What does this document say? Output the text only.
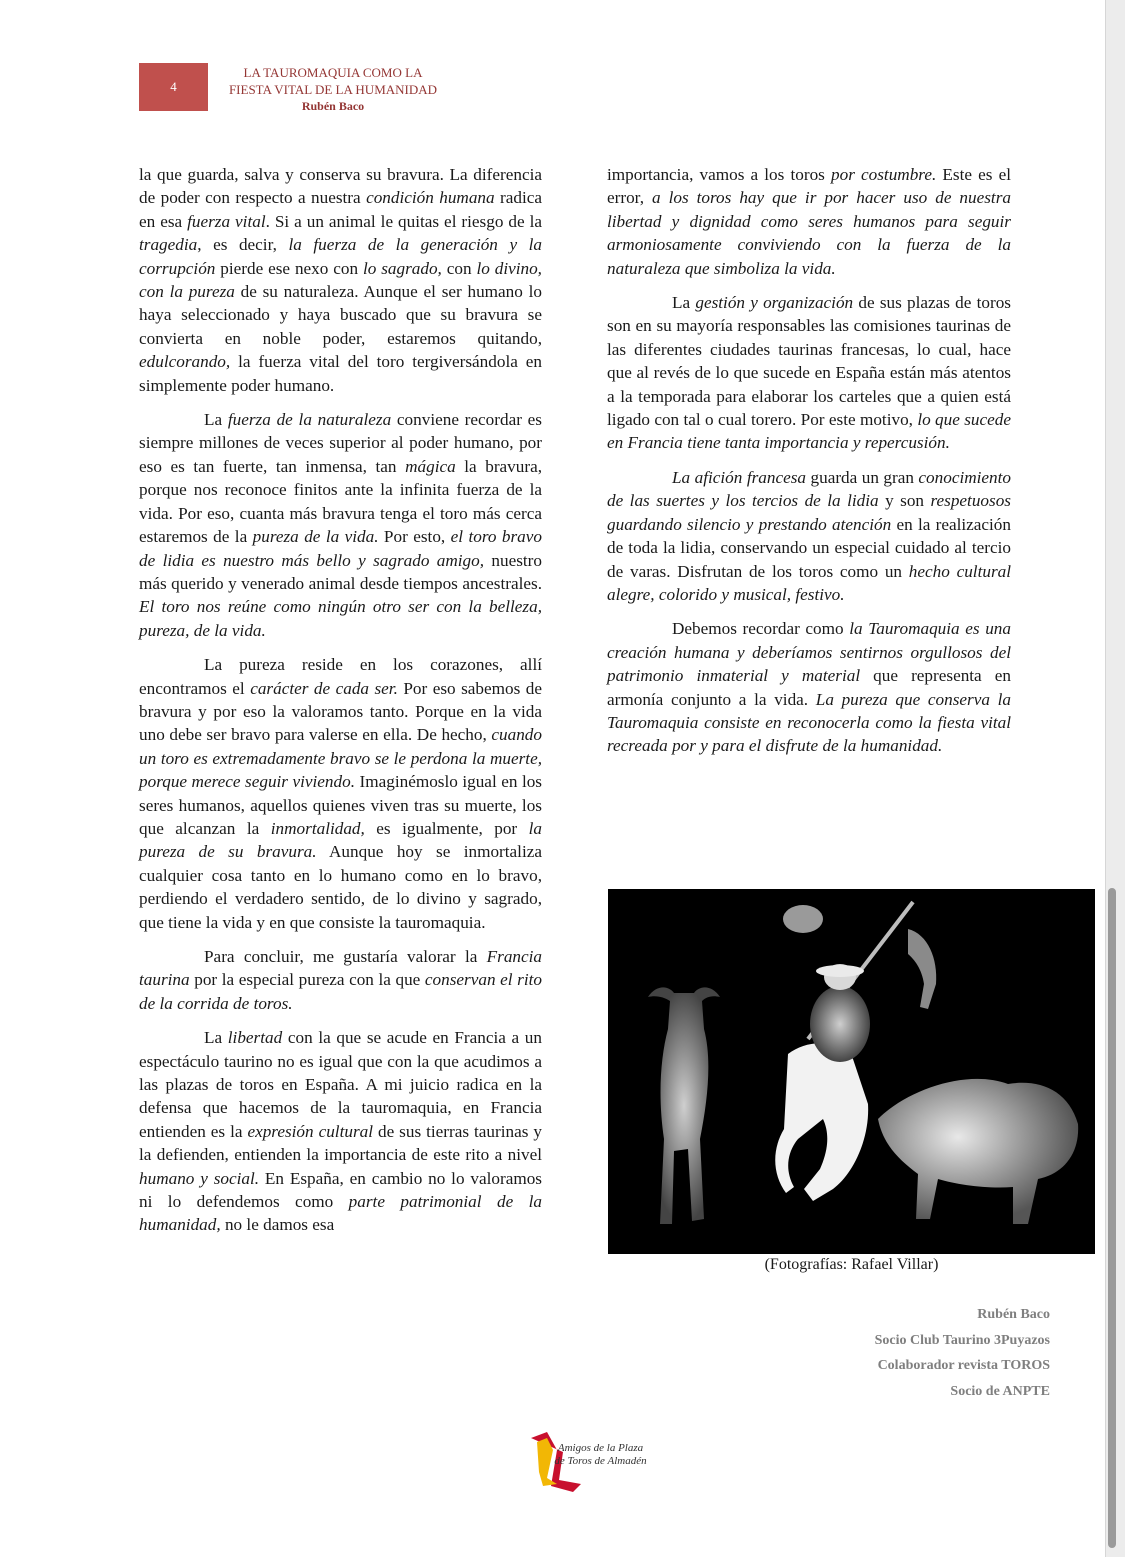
4
LA TAUROMAQUIA COMO LA
FIESTA VITAL DE LA HUMANIDAD
Rubén Baco

la que guarda, salva y conserva su bravura. La diferencia de poder con respecto a nuestra condición humana radica en esa fuerza vital. Si a un animal le quitas el riesgo de la tragedia, es decir, la fuerza de la generación y la corrupción pierde ese nexo con lo sagrado, con lo divino, con la pureza de su naturaleza. Aunque el ser humano lo haya seleccionado y haya buscado que su bravura se convierta en noble poder, estaremos quitando, edulcorando, la fuerza vital del toro tergiversándola en simplemente poder humano.

La fuerza de la naturaleza conviene recordar es siempre millones de veces superior al poder humano, por eso es tan fuerte, tan inmensa, tan mágica la bravura, porque nos reconoce finitos ante la infinita fuerza de la vida. Por eso, cuanta más bravura tenga el toro más cerca estaremos de la pureza de la vida. Por esto, el toro bravo de lidia es nuestro más bello y sagrado amigo, nuestro más querido y venerado animal desde tiempos ancestrales. El toro nos reúne como ningún otro ser con la belleza, pureza, de la vida.

La pureza reside en los corazones, allí encontramos el carácter de cada ser. Por eso sabemos de bravura y por eso la valoramos tanto. Porque en la vida uno debe ser bravo para valerse en ella. De hecho, cuando un toro es extremadamente bravo se le perdona la muerte, porque merece seguir viviendo. Imaginémoslo igual en los seres humanos, aquellos quienes viven tras su muerte, los que alcanzan la inmortalidad, es igualmente, por la pureza de su bravura. Aunque hoy se inmortaliza cualquier cosa tanto en lo humano como en lo bravo, perdiendo el verdadero sentido, de lo divino y sagrado, que tiene la vida y en que consiste la tauromaquia.

Para concluir, me gustaría valorar la Francia taurina por la especial pureza con la que conservan el rito de la corrida de toros.

La libertad con la que se acude en Francia a un espectáculo taurino no es igual que con la que acudimos a las plazas de toros en España. A mi juicio radica en la defensa que hacemos de la tauromaquia, en Francia entienden es la expresión cultural de sus tierras taurinas y la defienden, entienden la importancia de este rito a nivel humano y social. En España, en cambio no lo valoramos ni lo defendemos como parte patrimonial de la humanidad, no le damos esa

importancia, vamos a los toros por costumbre. Este es el error, a los toros hay que ir por hacer uso de nuestra libertad y dignidad como seres humanos para seguir armoniosamente conviviendo con la fuerza de la naturaleza que simboliza la vida.

La gestión y organización de sus plazas de toros son en su mayoría responsables las comisiones taurinas de las diferentes ciudades taurinas francesas, lo cual, hace que al revés de lo que sucede en España están más atentos a la temporada para elaborar los carteles que a quien está ligado con tal o cual torero. Por este motivo, lo que sucede en Francia tiene tanta importancia y repercusión.

La afición francesa guarda un gran conocimiento de las suertes y los tercios de la lidia y son respetuosos guardando silencio y prestando atención en la realización de toda la lidia, conservando un especial cuidado al tercio de varas. Disfrutan de los toros como un hecho cultural alegre, colorido y musical, festivo.

Debemos recordar como la Tauromaquia es una creación humana y deberíamos sentirnos orgullosos del patrimonio inmaterial y material que representa en armonía conjunto a la vida. La pureza que conserva la Tauromaquia consiste en reconocerla como la fiesta vital recreada por y para el disfrute de la humanidad.

(Fotografías: Rafael Villar)
Rubén Baco
Socio Club Taurino 3Puyazos
Colaborador revista TOROS
Socio de ANPTE
Amigos de la Plaza
de Toros de Almadén
